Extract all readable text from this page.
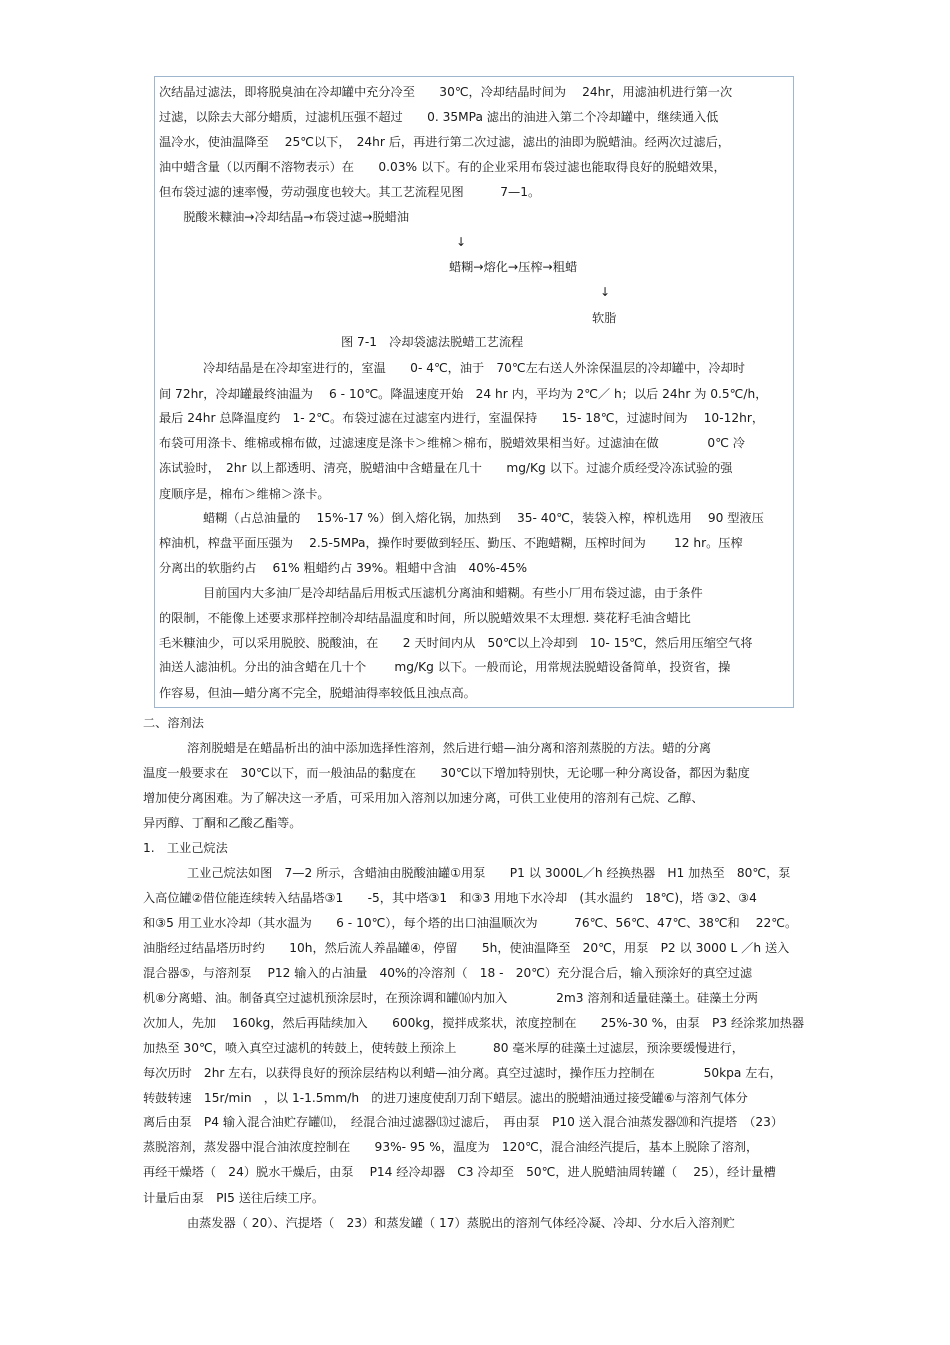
次结晶过滤法，即将脱臭油在冷却罐中充分冷至　　30℃，冷却结晶时间为　 24hr，用滤油机进行第一次
过滤，以除去大部分蜡质，过滤机压强不超过　　0. 35MPa 滤出的油进入第二个冷却罐中，继续通入低
温冷水，使油温降至　 25℃以下，　24hr 后，再进行第二次过滤，滤出的油即为脱蜡油。经两次过滤后，
油中蜡含量（以丙酮不溶物表示）在　　0.03% 以下。有的企业采用布袋过滤也能取得良好的脱蜡效果，
但布袋过滤的速率慢，劳动强度也较大。其工艺流程见图　　　7—1。
　　脱酸米糠油→冷却结晶→布袋过滤→脱蜡油
↓
蜡糊→熔化→压榨→粗蜡
↓
软脂
图 7-1　冷却袋滤法脱蜡工艺流程
冷却结晶是在冷却室进行的，室温　　0- 4℃，油于　70℃左右送人外涂保温层的冷却罐中，冷却时
间 72hr，冷却罐最终油温为　 6 - 10℃。降温速度开始　24 hr 内，平均为 2℃／ h；以后 24hr 为 0.5℃/h，
最后 24hr 总降温度约　1- 2℃。布袋过滤在过滤室内进行，室温保持　　15- 18℃，过滤时间为　 10-12hr，
布袋可用涤卡、维棉或棉布做，过滤速度是涤卡＞维棉＞棉布，脱蜡效果相当好。过滤油在做　　　　0℃ 冷
冻试验时，　2hr 以上都透明、清亮，脱蜡油中含蜡量在几十　　mg/Kg 以下。过滤介质经受冷冻试验的强
度顺序是，棉布＞维棉＞涤卡。
蜡糊（占总油量的　 15%-17 %）倒入熔化锅，加热到　 35- 40℃，装袋入榨，榨机选用　 90 型液压
榨油机，榨盘平面压强为　 2.5-5MPa，操作时要做到轻压、勤压、不跑蜡糊，压榨时间为　　 12 hr。压榨
分离出的软脂约占　 61% 粗蜡约占 39%。粗蜡中含油　40%-45%
目前国内大多油厂是冷却结晶后用板式压滤机分离油和蜡糊。有些小厂用布袋过滤，由于条件
的限制，不能像上述要求那样控制冷却结晶温度和时间，所以脱蜡效果不太理想. 葵花籽毛油含蜡比
毛米糠油少，可以采用脱胶、脱酸油，在　　2 天时间内从　50℃以上冷却到　10- 15℃，然后用压缩空气将
油送人滤油机。分出的油含蜡在几十个　　 mg/Kg 以下。一般而论，用常规法脱蜡设备简单，投资省，操
作容易，但油—蜡分离不完全，脱蜡油得率较低且浊点高。
二、溶剂法
溶剂脱蜡是在蜡晶析出的油中添加选择性溶剂，然后进行蜡—油分离和溶剂蒸脱的方法。蜡的分离
温度一般要求在　30℃以下，而一般油品的黏度在　　30℃以下增加特别快，无论哪一种分离设备，都因为黏度
增加使分离困难。为了解决这一矛盾，可采用加入溶剂以加速分离，可供工业使用的溶剂有己烷、乙醇、
异丙醇、丁酮和乙酸乙酯等。
1.　工业己烷法
工业己烷法如图　7—2 所示，含蜡油由脱酸油罐①用泵　　P1 以 3000L／h 经换热器　H1 加热至　80℃，泵
入高位罐②借位能连续转入结晶塔③1　　-5，其中塔③1　和③3 用地下水冷却　(其水温约　18℃)，塔 ③2、③4
和③5 用工业水冷却（其水温为　　6 - 10℃），每个塔的出口油温顺次为　　　76℃、56℃、47℃、38℃和　 22℃。
油脂经过结晶塔历时约　　10h，然后流人养晶罐④，停留　　5h，使油温降至　20℃，用泵　P2 以 3000 L ／h 送入
混合器⑤，与溶剂泵　 P12 输入的占油量　40%的冷溶剂（　18 -　20℃）充分混合后，输入预涂好的真空过滤
机⑧分离蜡、油。制备真空过滤机预涂层时，在预涂调和罐⒃内加入　　　　2m3 溶剂和适量硅藻土。硅藻土分两
次加人，先加　 160kg，然后再陆续加入　　600kg，搅拌成浆状，浓度控制在　　25%-30 %，由泵　P3 经涂浆加热器
加热至 30℃，喷入真空过滤机的转鼓上，使转鼓上预涂上　　　80 毫米厚的硅藻土过滤层，预涂要缓慢进行，
每次历时　2hr 左右，以获得良好的预涂层结构以利蜡—油分离。真空过滤时，操作压力控制在　　　　50kpa 左右，
转鼓转速　15r/min　，以 1-1.5mm/h　的进刀速度使刮刀刮下蜡层。滤出的脱蜡油通过接受罐⑥与溶剂气体分
离后由泵　P4 输入混合油贮存罐⑾，　经混合油过滤器⒀过滤后，　再由泵　P10 送入混合油蒸发器⒇和汽提塔　（23）
蒸脱溶剂，蒸发器中混合油浓度控制在　　93%- 95 %，温度为　120℃，混合油经汽提后，基本上脱除了溶剂，
再经干燥塔（　24）脱水干燥后，由泵　 P14 经冷却器　C3 冷却至　50℃，进人脱蜡油周转罐（　 25），经计量槽
计量后由泵　PI5 送往后续工序。
由蒸发器（ 20）、汽提塔（　23）和蒸发罐（ 17）蒸脱出的溶剂气体经冷凝、冷却、分水后入溶剂贮
